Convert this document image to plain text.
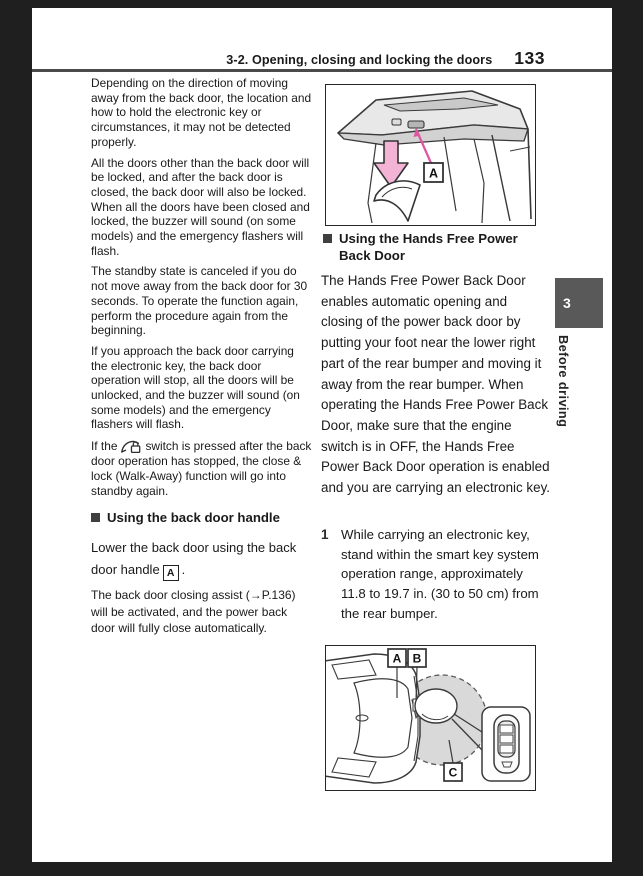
3-2. Opening, closing and locking the doors 133

Depending on the direction of moving away from the back door, the location and how to hold the electronic key or circumstances, it may not be detected properly.

All the doors other than the back door will be locked, and after the back door is closed, the back door will also be locked. When all the doors have been closed and locked, the buzzer will sound (on some models) and the emergency flashers will flash.

The standby state is canceled if you do not move away from the back door for 30 seconds. To operate the function again, perform the procedure again from the beginning.

If you approach the back door carrying the electronic key, the back door operation will stop, all the doors will be unlocked, and the buzzer will sound (on some models) and the emergency flashers will flash.

If the switch is pressed after the back door operation has stopped, the close & lock (Walk-Away) function will go into standby again.

Using the back door handle

Lower the back door using the back door handle A .

The back door closing assist (→P.136) will be activated, and the power back door will fully close automatically.

A
Using the Hands Free Power Back Door
The Hands Free Power Back Door enables automatic opening and closing of the power back door by putting your foot near the lower right part of the rear bumper and moving it away from the rear bumper. When operating the Hands Free Power Back Door, make sure that the engine switch is in OFF, the Hands Free Power Back Door operation is enabled and you are carrying an electronic key.
1 While carrying an electronic key, stand within the smart key system operation range, approximately 11.8 to 19.7 in. (30 to 50 cm) from the rear bumper.
A B
C
3
Before driving
